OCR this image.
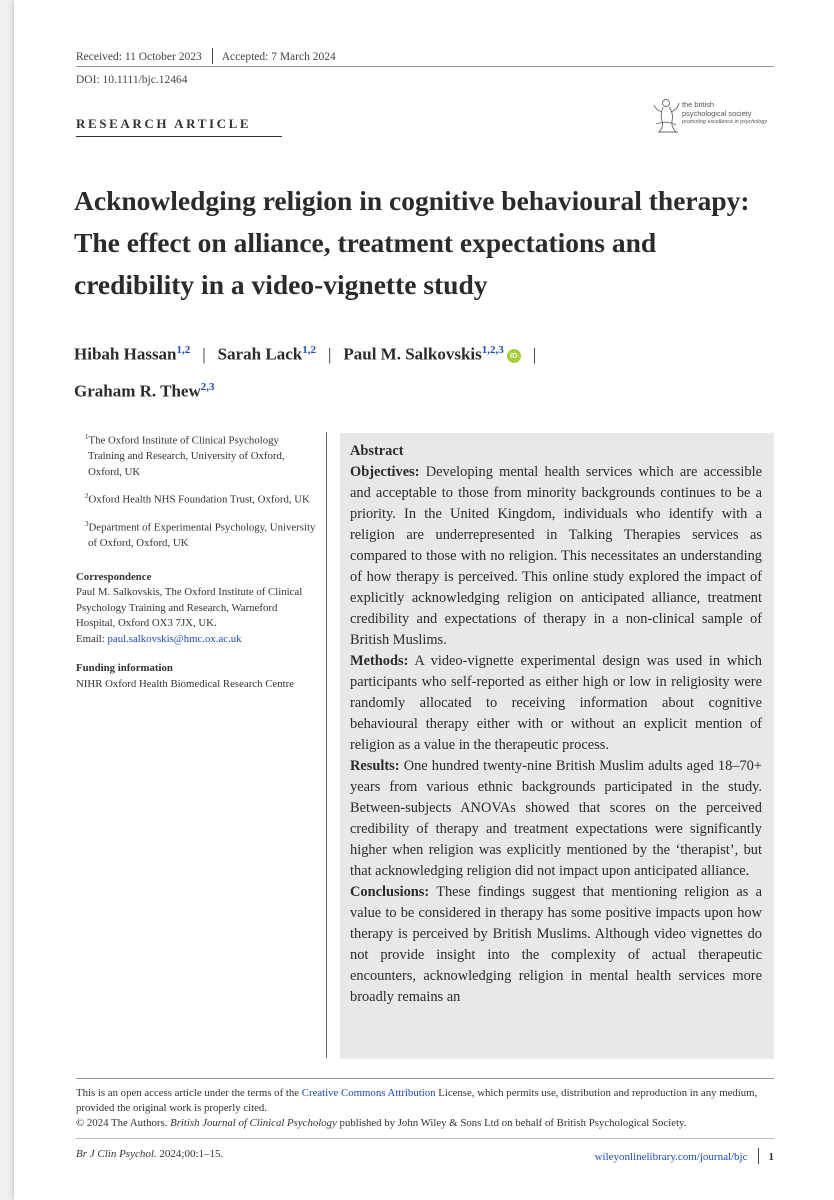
Received: 11 October 2023 Accepted: 7 March 2024
DOI: 10.1111/bjc.12464
RESEARCH ARTICLE
the british
psychological society
promoting excellence in psychology
Acknowledging religion in cognitive behavioural therapy: The effect on alliance, treatment expectations and credibility in a video-vignette study
Hibah Hassan$^{1,2}$ | Sarah Lack$^{1,2}$ | Paul M. Salkovskis$^{1,2,3}$ iD |
Graham R. Thew$^{2,3}$

$^1$The Oxford Institute of Clinical Psychology Training and Research, University of Oxford, Oxford, UK

$^2$Oxford Health NHS Foundation Trust, Oxford, UK

$^3$Department of Experimental Psychology, University of Oxford, Oxford, UK

Correspondence

Paul M. Salkovskis, The Oxford Institute of Clinical Psychology Training and Research, Warneford Hospital, Oxford OX3 7JX, UK.
Email: paul.salkovskis@hmc.ox.ac.uk

Funding information

NIHR Oxford Health Biomedical Research Centre

Abstract

Objectives: Developing mental health services which are accessible and acceptable to those from minority backgrounds continues to be a priority. In the United Kingdom, individuals who identify with a religion are underrepresented in Talking Therapies services as compared to those with no religion. This necessitates an understanding of how therapy is perceived. This online study explored the impact of explicitly acknowledging religion on anticipated alliance, treatment credibility and expectations of therapy in a non-clinical sample of British Muslims.

Methods: A video-vignette experimental design was used in which participants who self-reported as either high or low in religiosity were randomly allocated to receiving information about cognitive behavioural therapy either with or without an explicit mention of religion as a value in the therapeutic process.

Results: One hundred twenty-nine British Muslim adults aged 18–70+ years from various ethnic backgrounds participated in the study. Between-subjects ANOVAs showed that scores on the perceived credibility of therapy and treatment expectations were significantly higher when religion was explicitly mentioned by the ‘therapist’, but that acknowledging religion did not impact upon anticipated alliance.

Conclusions: These findings suggest that mentioning religion as a value to be considered in therapy has some positive impacts upon how therapy is perceived by British Muslims. Although video vignettes do not provide insight into the complexity of actual therapeutic encounters, acknowledging religion in mental health services more broadly remains an

This is an open access article under the terms of the Creative Commons Attribution License, which permits use, distribution and reproduction in any medium, provided the original work is properly cited.

© 2024 The Authors. British Journal of Clinical Psychology published by John Wiley & Sons Ltd on behalf of British Psychological Society.

Br J Clin Psychol. 2024;00:1–15.	wileyonlinelibrary.com/journal/bjc 1
